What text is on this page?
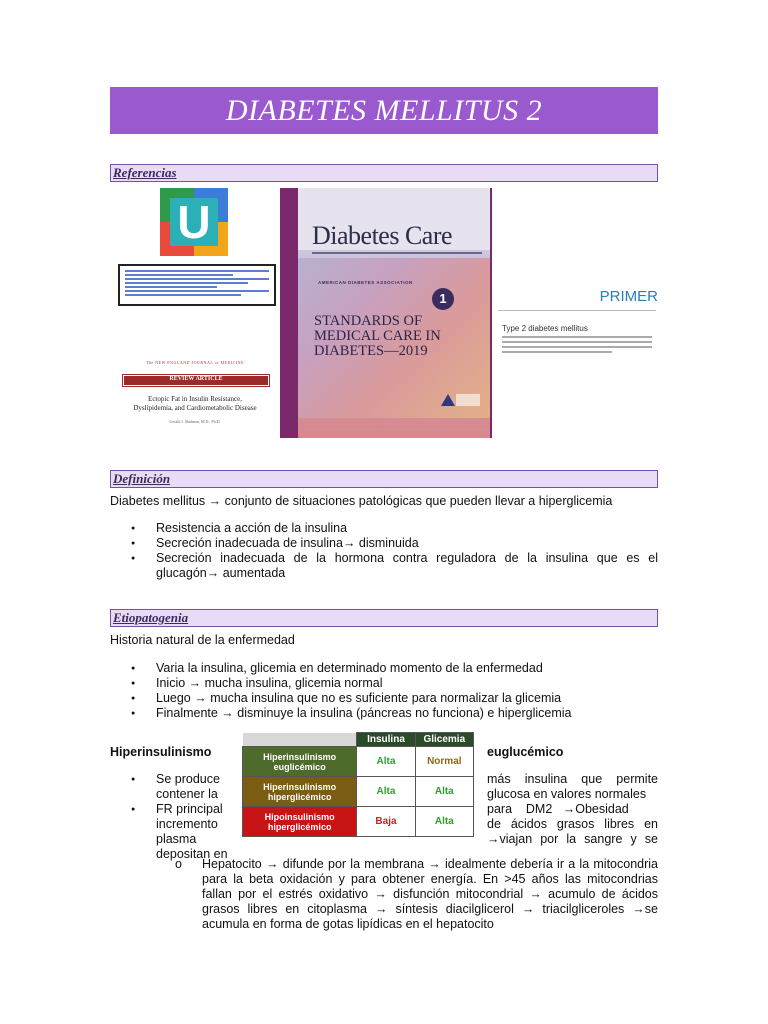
DIABETES MELLITUS 2
Referencias
U
The NEW ENGLAND JOURNAL of MEDICINE
REVIEW ARTICLE
Ectopic Fat in Insulin Resistance, Dyslipidemia, and Cardiometabolic Disease
Gerald I. Shulman, M.D., Ph.D.
Diabetes Care
AMERICAN DIABETES ASSOCIATION
1
STANDARDS OF MEDICAL CARE IN DIABETES—2019
PRIMER
Type 2 diabetes mellitus
Definición
Diabetes mellitus → conjunto de situaciones patológicas que pueden llevar a hiperglicemia
● Resistencia a acción de la insulina
● Secreción inadecuada de insulina→ disminuida
● Secreción inadecuada de la hormona contra reguladora de la insulina que es el glucagón→ aumentada
Etiopatogenia
Historia natural de la enfermedad
● Varia la insulina, glicemia en determinado momento de la enfermedad
● Inicio → mucha insulina, glicemia normal
● Luego → mucha insulina que no es suficiente para normalizar la glicemia
● Finalmente → disminuye la insulina (páncreas no funciona) e hiperglicemia
Hiperinsulinismo	euglucémico
● Se produce
contener la
● FR principal
incremento
plasma
depositan en
más insulina que permite
glucosa en valores normales
para    DM2   →Obesidad
de ácidos grasos libres en
→viajan por la sangre y se
	Insulina	Glicemia
Hiperinsulinismo euglicémico	Alta	Normal
Hiperinsulinismo hiperglicémico	Alta	Alta
Hipoinsulinismo hiperglicémico	Baja	Alta
o Hepatocito → difunde por la membrana → idealmente debería ir a la mitocondria para la beta oxidación y para obtener energía. En >45 años las mitocondrias fallan por el estrés oxidativo → disfunción mitocondrial → acumulo de ácidos grasos libres en citoplasma → síntesis diacilglicerol → triacilgliceroles →se acumula en forma de gotas lipídicas en el hepatocito
